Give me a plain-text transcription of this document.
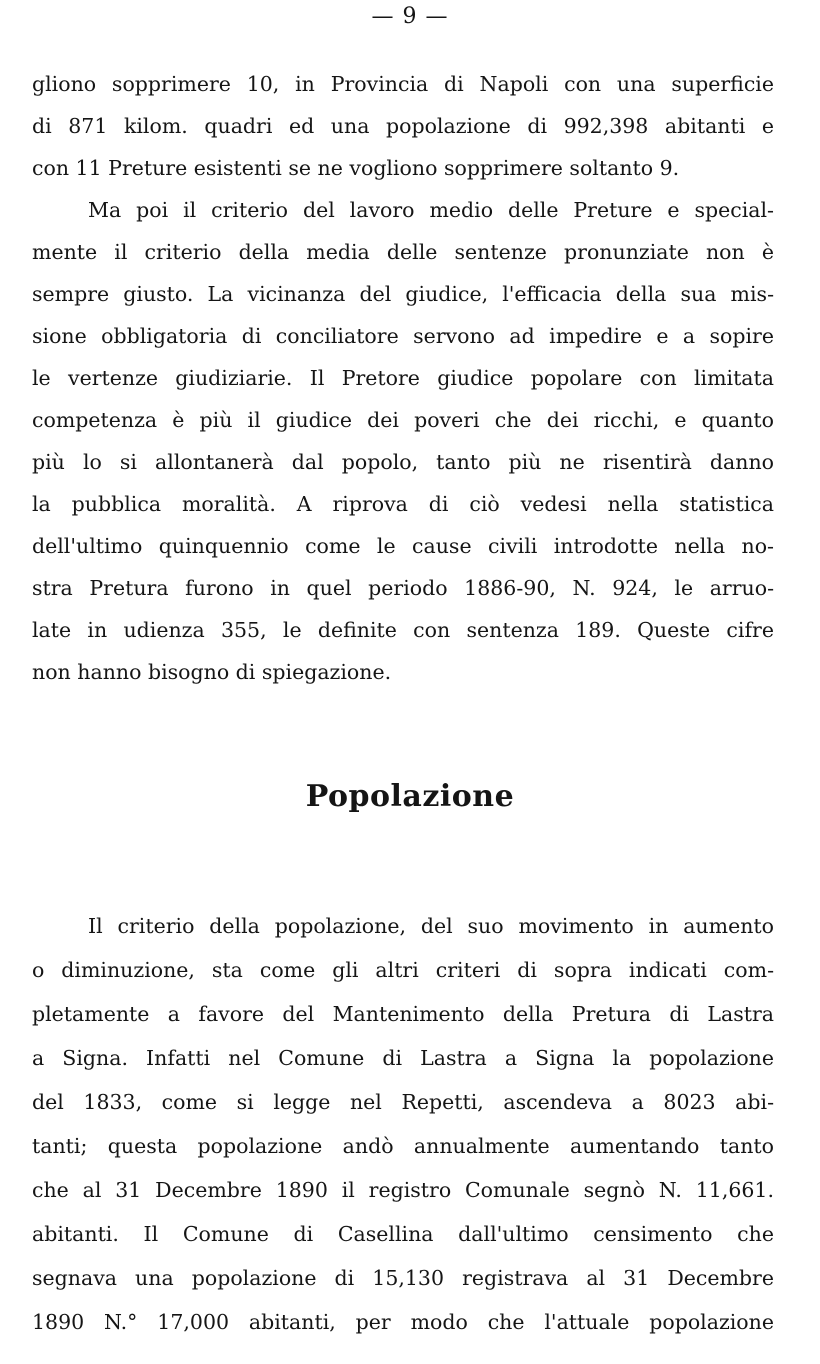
— 9 —
gliono sopprimere 10, in Provincia di Napoli con una superficie
di 871 kilom. quadri ed una popolazione di 992,398 abitanti e
con 11 Preture esistenti se ne vogliono sopprimere soltanto 9.
Ma poi il criterio del lavoro medio delle Preture e special-
mente il criterio della media delle sentenze pronunziate non è
sempre giusto. La vicinanza del giudice, l'efficacia della sua mis-
sione obbligatoria di conciliatore servono ad impedire e a sopire
le vertenze giudiziarie. Il Pretore giudice popolare con limitata
competenza è più il giudice dei poveri che dei ricchi, e quanto
più lo si allontanerà dal popolo, tanto più ne risentirà danno
la pubblica moralità. A riprova di ciò vedesi nella statistica
dell'ultimo quinquennio come le cause civili introdotte nella no-
stra Pretura furono in quel periodo 1886-90, N. 924, le arruo-
late in udienza 355, le definite con sentenza 189. Queste cifre
non hanno bisogno di spiegazione.
Popolazione
Il criterio della popolazione, del suo movimento in aumento
o diminuzione, sta come gli altri criteri di sopra indicati com-
pletamente a favore del Mantenimento della Pretura di Lastra
a Signa. Infatti nel Comune di Lastra a Signa la popolazione
del 1833, come si legge nel Repetti, ascendeva a 8023 abi-
tanti; questa popolazione andò annualmente aumentando tanto
che al 31 Decembre 1890 il registro Comunale segnò N. 11,661.
abitanti. Il Comune di Casellina dall'ultimo censimento che
segnava una popolazione di 15,130 registrava al 31 Decembre
1890 N.° 17,000 abitanti, per modo che l'attuale popolazione
